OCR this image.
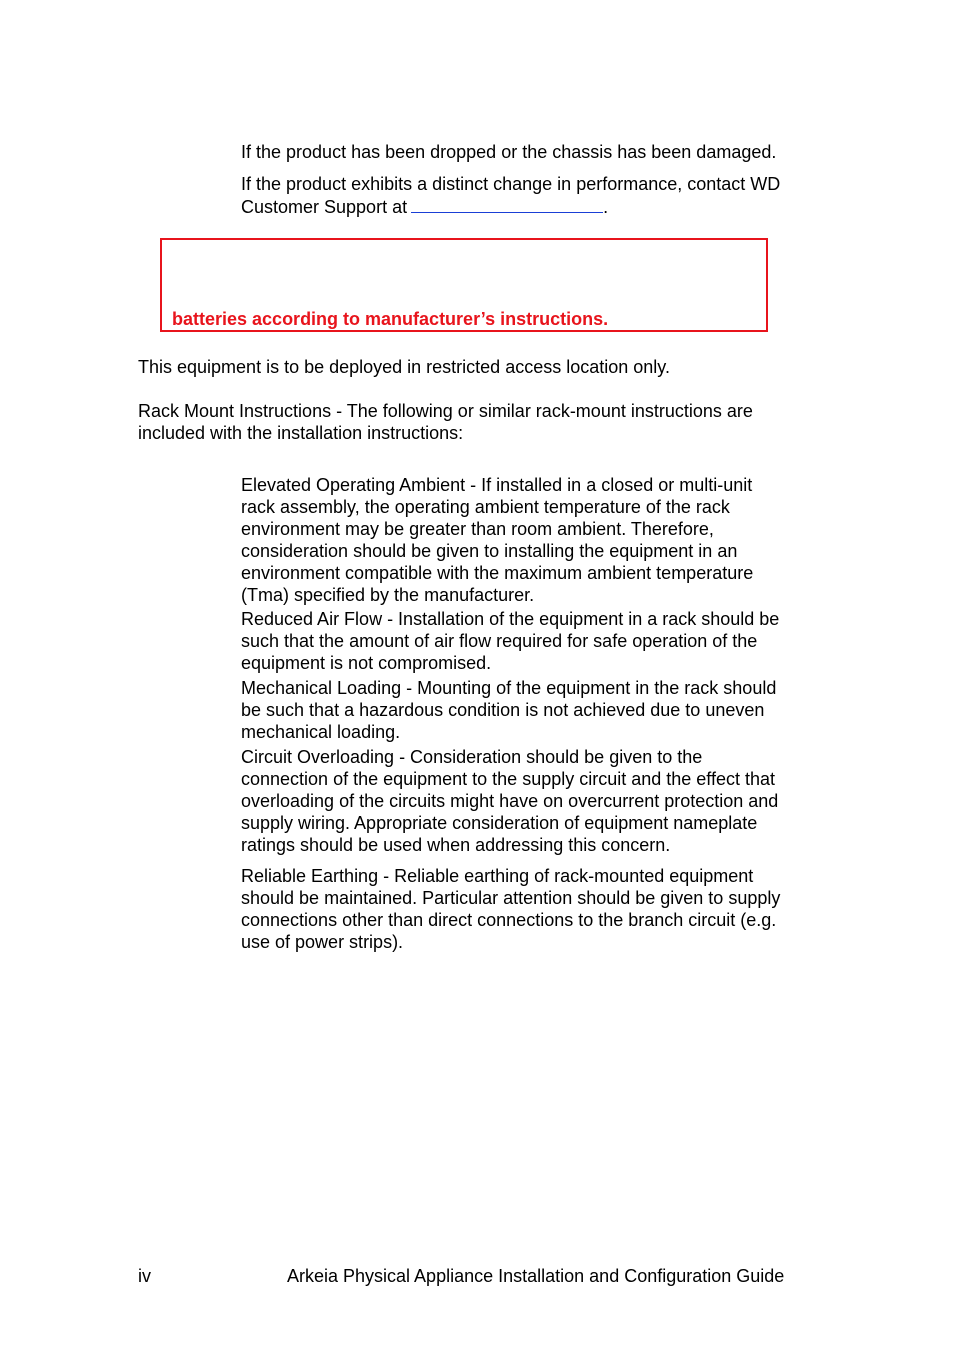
If the product has been dropped or the chassis has been damaged.

If the product exhibits a distinct change in performance, contact WD

Customer Support at	.

batteries according to manufacturer’s instructions.

This equipment is to be deployed in restricted access location only.

Rack Mount Instructions - The following or similar rack-mount instructions are

included with the installation instructions:

Elevated Operating Ambient - If installed in a closed or multi-unit

rack assembly, the operating ambient temperature of the rack

environment may be greater than room ambient. Therefore,

consideration should be given to installing the equipment in an

environment compatible with the maximum ambient temperature

(Tma) specified by the manufacturer.

Reduced Air Flow - Installation of the equipment in a rack should be

such that the amount of air flow required for safe operation of the

equipment is not compromised.

Mechanical Loading - Mounting of the equipment in the rack should

be such that a hazardous condition is not achieved due to uneven

mechanical loading.

Circuit Overloading - Consideration should be given to the

connection of the equipment to the supply circuit and the effect that

overloading of the circuits might have on overcurrent protection and

supply wiring. Appropriate consideration of equipment nameplate

ratings should be used when addressing this concern.

Reliable Earthing - Reliable earthing of rack-mounted equipment

should be maintained. Particular attention should be given to supply

connections other than direct connections to the branch circuit (e.g.

use of power strips).

iv	Arkeia Physical Appliance Installation and Configuration Guide
